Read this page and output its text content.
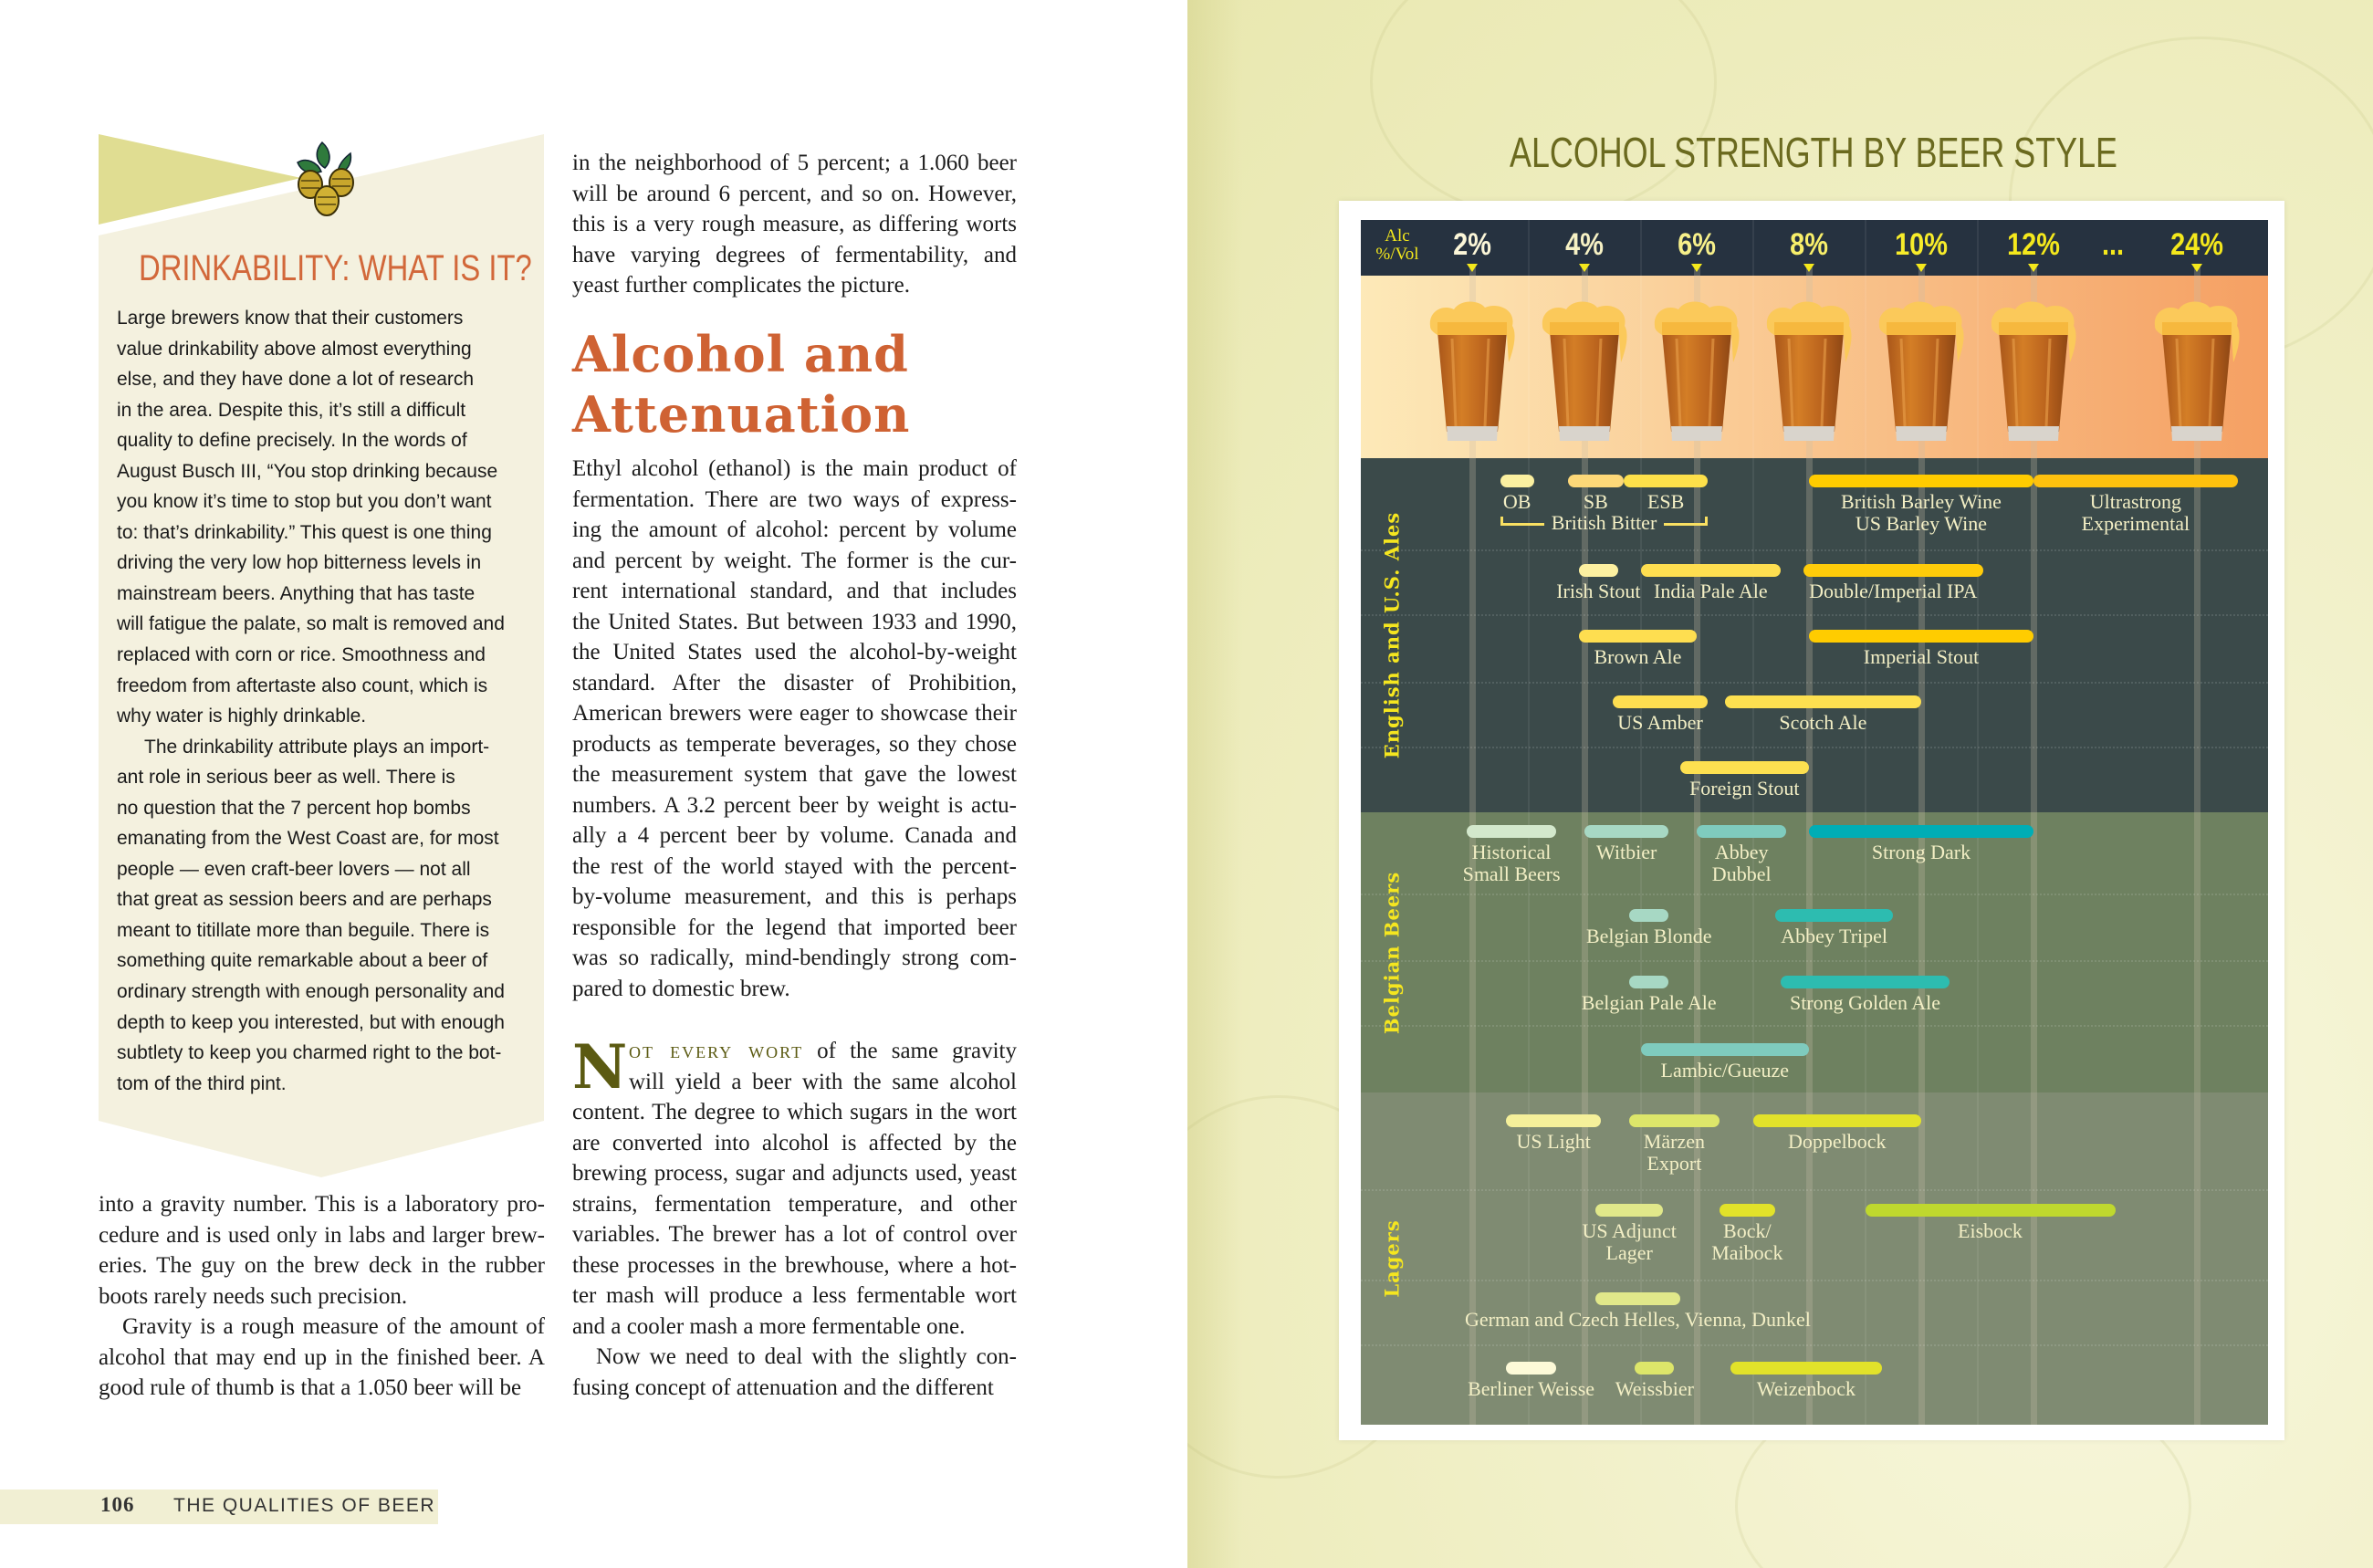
DRINKABILITY: WHAT IS IT?
Large brewers know that their customers
value drinkability above almost everything
else, and they have done a lot of research
in the area. Despite this, it’s still a difficult
quality to define precisely. In the words of
August Busch III, “You stop drinking because
you know it’s time to stop but you don’t want
to: that’s drinkability.” This quest is one thing
driving the very low hop bitterness levels in
mainstream beers. Anything that has taste
will fatigue the palate, so malt is removed and
replaced with corn or rice. Smoothness and
freedom from aftertaste also count, which is
why water is highly drinkable.
The drinkability attribute plays an import-
ant role in serious beer as well. There is
no question that the 7 percent hop bombs
emanating from the West Coast are, for most
people — even craft-beer lovers — not all
that great as session beers and are perhaps
meant to titillate more than beguile. There is
something quite remarkable about a beer of
ordinary strength with enough personality and
depth to keep you interested, but with enough
subtlety to keep you charmed right to the bot-
tom of the third pint.
into a gravity number. This is a laboratory pro-
cedure and is used only in labs and larger brew-
eries. The guy on the brew deck in the rubber
boots rarely needs such precision.
Gravity is a rough measure of the amount of
alcohol that may end up in the finished beer. A
good rule of thumb is that a 1.050 beer will be
in the neighborhood of 5 percent; a 1.060 beer
will be around 6 percent, and so on. However,
this is a very rough measure, as differing worts
have varying degrees of fermentability, and
yeast further complicates the picture.
Alcohol and
Attenuation
Ethyl alcohol (ethanol) is the main product of
fermentation. There are two ways of express-
ing the amount of alcohol: percent by volume
and percent by weight. The former is the cur-
rent international standard, and that includes
the United States. But between 1933 and 1990,
the United States used the alcohol-by-weight
standard. After the disaster of Prohibition,
American brewers were eager to showcase their
products as temperate beverages, so they chose
the measurement system that gave the lowest
numbers. A 3.2 percent beer by weight is actu-
ally a 4 percent beer by volume. Canada and
the rest of the world stayed with the percent-
by-volume measurement, and this is perhaps
responsible for the legend that imported beer
was so radically, mind-bendingly strong com-
pared to domestic brew.
N ot every wort of the same gravity
will yield a beer with the same alcohol
content. The degree to which sugars in the wort
are converted into alcohol is affected by the
brewing process, sugar and adjuncts used, yeast
strains, fermentation temperature, and other
variables. The brewer has a lot of control over
these processes in the brewhouse, where a hot-
ter mash will produce a less fermentable wort
and a cooler mash a more fermentable one.
Now we need to deal with the slightly con-
fusing concept of attenuation and the different
106 THE QUALITIES OF BEER
ALCOHOL STRENGTH BY BEER STYLE
Alc
%/Vol 2% 4% 6% 8% 10% 12%	24%
...
English and U.S. Ales
OB	SB ESB	British Barley Wine
US Barley Wine
Ultrastrong
Experimental
Irish Stout India Pale Ale Double/Imperial IPA
Brown Ale	Imperial Stout
US Amber	Scotch Ale
Foreign Stout
British Bitter
Belgian Beers
Historical
Small Beers
Witbier	Abbey
Dubbel
Strong Dark
Belgian Blonde	Abbey Tripel
Belgian Pale Ale	Strong Golden Ale
Lambic/Gueuze
Lagers
US Light	Märzen
Export
Doppelbock
US Adjunct
Lager
Bock/
Maibock
Eisbock
German and Czech Helles, Vienna, Dunkel
Berliner Weisse Weissbier	Weizenbock
